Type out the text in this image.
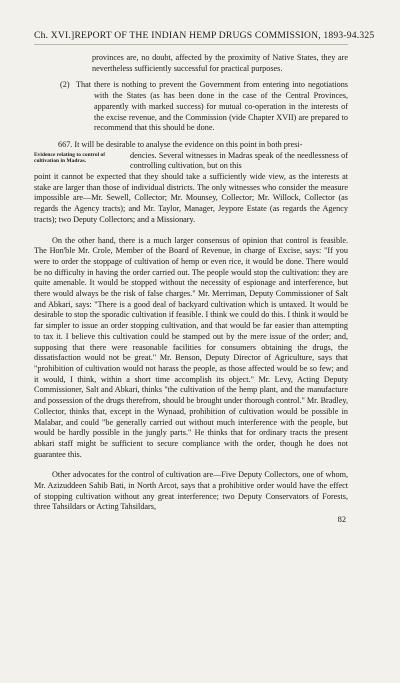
Ch. XVI.] REPORT OF THE INDIAN HEMP DRUGS COMMISSION, 1893-94. 325

provinces are, no doubt, affected by the proximity of Native States, they are nevertheless sufficiently successful for practical purposes.

(2) That there is nothing to prevent the Government from entering into negotiations with the States (as has been done in the case of the Central Provinces, apparently with marked success) for mutual co-operation in the interests of the excise revenue, and the Commission (vide Chapter XVII) are prepared to recommend that this should be done.

667. It will be desirable to analyse the evidence on this point in both presi-

Evidence relating to control of cultivation in Madras.

dencies. Several witnesses in Madras speak of the needlessness of controlling cultivation, but on this

point it cannot be expected that they should take a sufficiently wide view, as the interests at stake are larger than those of individual districts. The only witnesses who consider the measure impossible are—Mr. Sewell, Collector; Mr. Mounsey, Collector; Mr. Willock, Collector (as regards the Agency tracts); and Mr. Taylor, Manager, Jeypore Estate (as regards the Agency tracts); two Deputy Collectors; and a Missionary.

On the other hand, there is a much larger consensus of opinion that control is feasible. The Hon'ble Mr. Crole, Member of the Board of Revenue, in charge of Excise, says: "If you were to order the stoppage of cultivation of hemp or even rice, it would be done. There would be no difficulty in having the order carried out. The people would stop the cultivation: they are quite amenable. It would be stopped without the necessity of espionage and interference, but there would always be the risk of false charges." Mr. Merriman, Deputy Commissioner of Salt and Abkari, says: "There is a good deal of backyard cultivation which is untaxed. It would be desirable to stop the sporadic cultivation if feasible. I think we could do this. I think it would be far simpler to issue an order stopping cultivation, and that would be far easier than attempting to tax it. I believe this cultivation could be stamped out by the mere issue of the order; and, supposing that there were reasonable facilities for consumers obtaining the drugs, the dissatisfaction would not be great." Mr. Benson, Deputy Director of Agriculture, says that "prohibition of cultivation would not harass the people, as those affected would be so few; and it would, I think, within a short time accomplish its object." Mr. Levy, Acting Deputy Commissioner, Salt and Abkari, thinks "the cultivation of the hemp plant, and the manufacture and possession of the drugs therefrom, should be brought under thorough control." Mr. Bradley, Collector, thinks that, except in the Wynaad, prohibition of cultivation would be possible in Malabar, and could "be generally carried out without much interference with the people, but would be hardly possible in the jungly parts." He thinks that for ordinary tracts the present abkari staff might be sufficient to secure compliance with the order, though he does not guarantee this.

Other advocates for the control of cultivation are—Five Deputy Collectors, one of whom, Mr. Azizuddeen Sahib Bati, in North Arcot, says that a prohibitive order would have the effect of stopping cultivation without any great interference; two Deputy Conservators of Forests, three Tahsildars or Acting Tahsildars,

82
